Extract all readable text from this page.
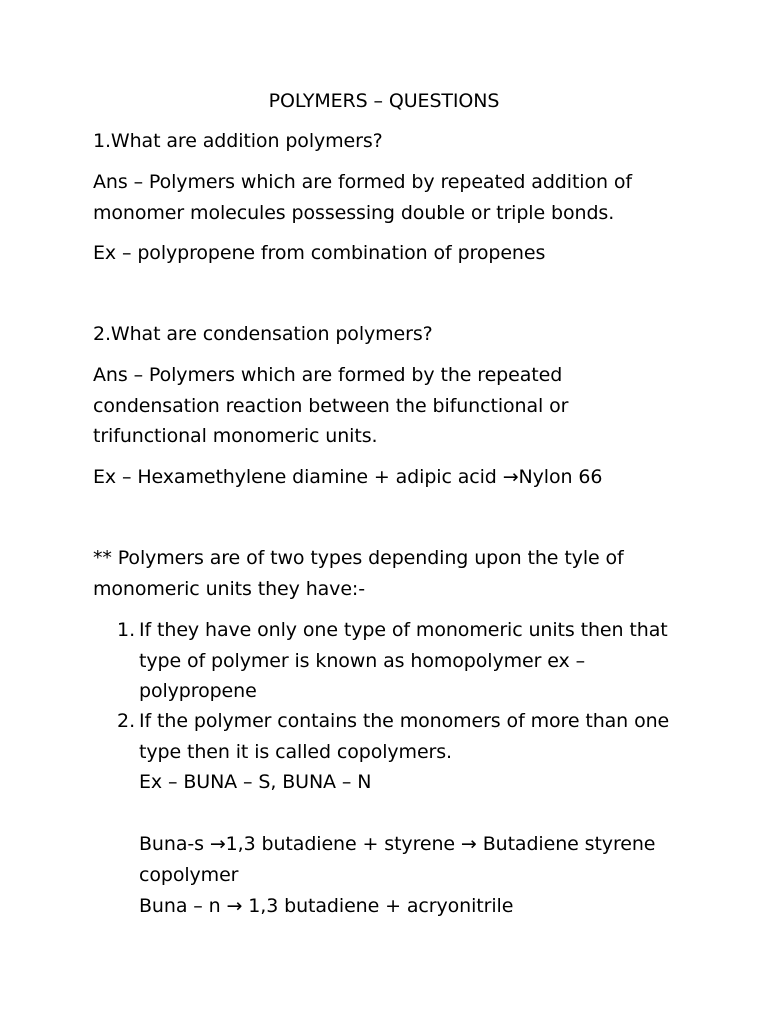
POLYMERS – QUESTIONS
1.What are addition polymers?
Ans – Polymers which are formed by repeated addition of
monomer molecules possessing double or triple bonds.
Ex – polypropene from combination of propenes
2.What are condensation polymers?
Ans – Polymers which are formed by the repeated
condensation reaction between the bifunctional or
trifunctional monomeric units.
Ex – Hexamethylene diamine + adipic acid →Nylon 66
** Polymers are of two types depending upon the tyle of
monomeric units they have:-
1. If they have only one type of monomeric units then that
type of polymer is known as homopolymer ex –
polypropene
2. If the polymer contains the monomers of more than one
type then it is called copolymers.
Ex – BUNA – S, BUNA – N
Buna-s →1,3 butadiene + styrene → Butadiene styrene
copolymer
Buna – n → 1,3 butadiene + acryonitrile
